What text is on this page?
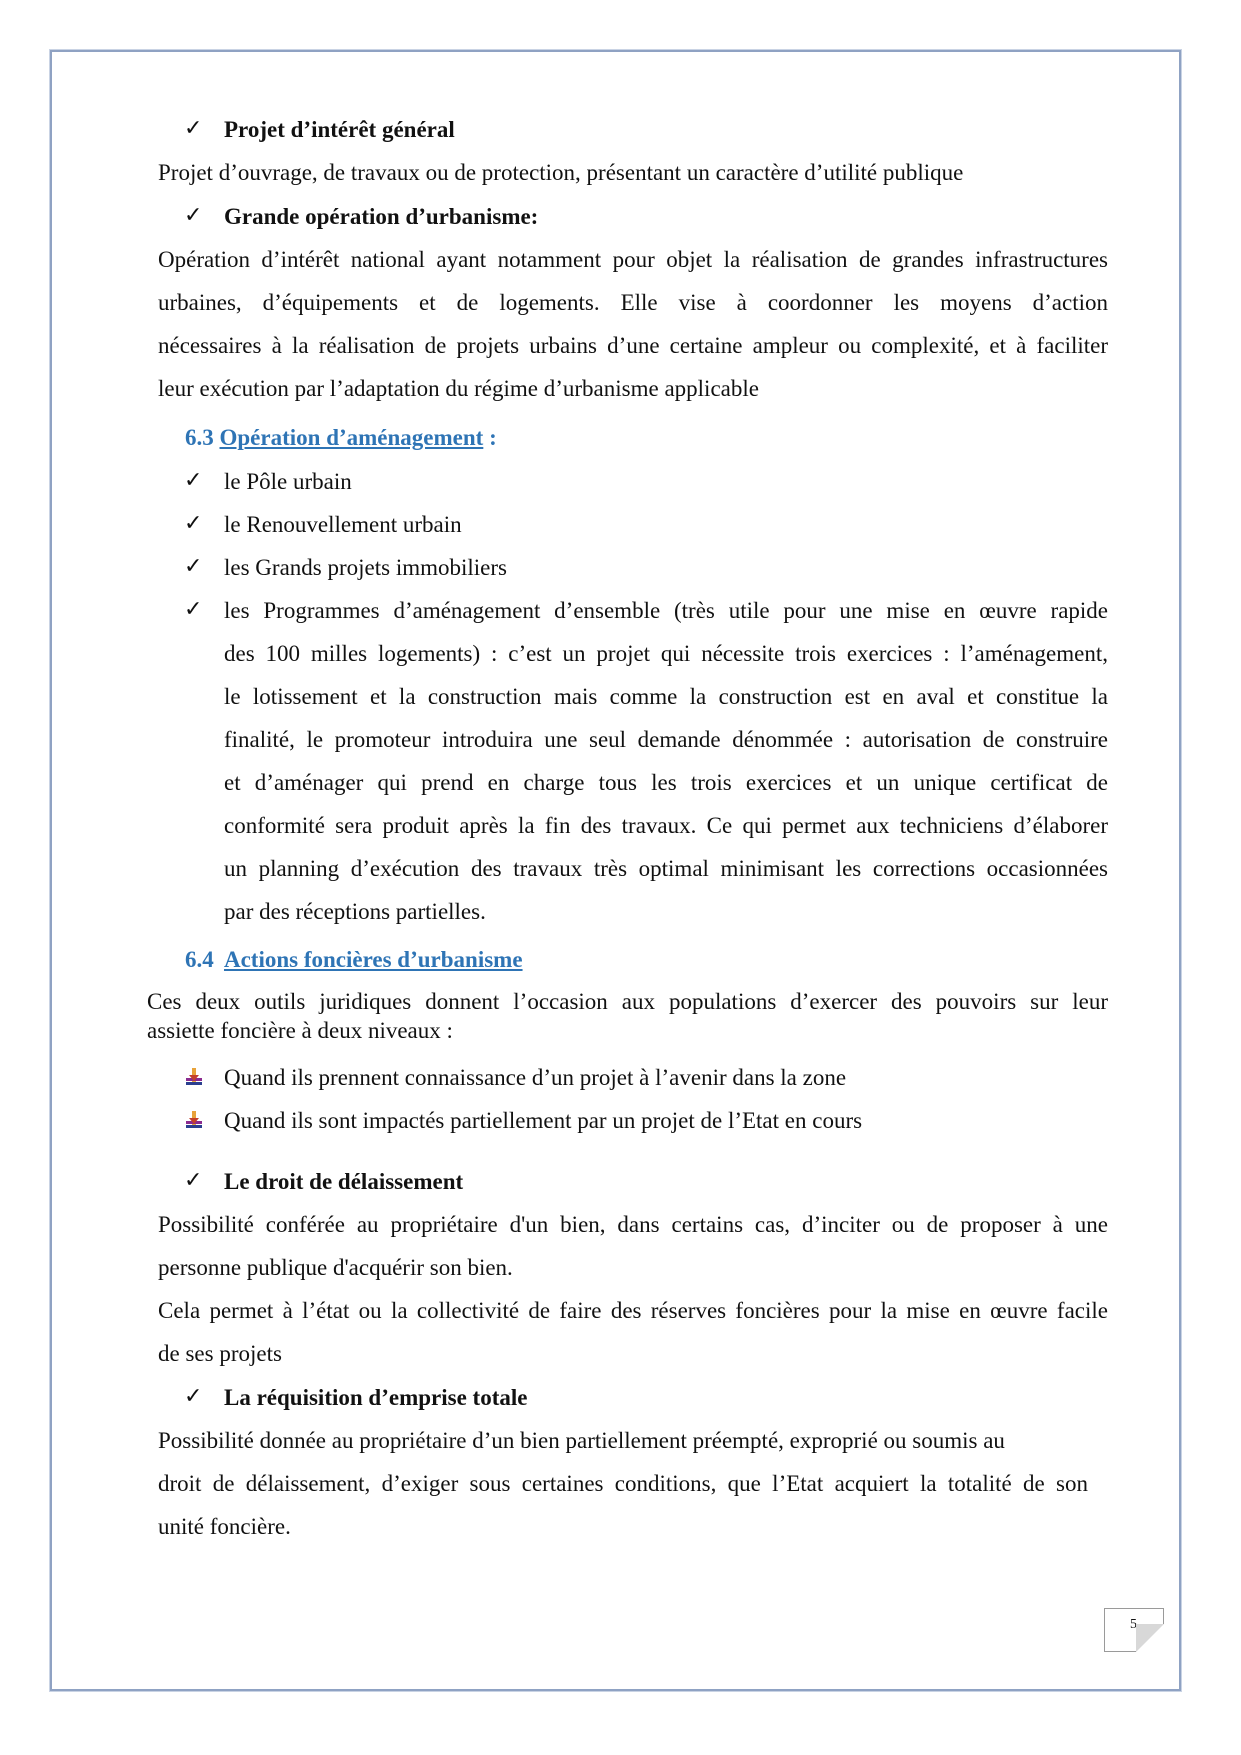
✓ Projet d’intérêt général
Projet d’ouvrage, de travaux ou de protection, présentant un caractère d’utilité publique
✓ Grande opération d’urbanisme:
Opération d’intérêt national ayant notamment pour objet la réalisation de grandes infrastructures
urbaines, d’équipements et de logements. Elle vise à coordonner les moyens d’action
nécessaires à la réalisation de projets urbains d’une certaine ampleur ou complexité, et à faciliter
leur exécution par l’adaptation du régime d’urbanisme applicable
6.3 Opération d’aménagement :
✓ le Pôle urbain
✓ le Renouvellement urbain
✓ les Grands projets immobiliers
✓ les Programmes d’aménagement d’ensemble (très utile pour une mise en œuvre rapide
des 100 milles logements) : c’est un projet qui nécessite trois exercices : l’aménagement,
le lotissement et la construction mais comme la construction est en aval et constitue la
finalité, le promoteur introduira une seul demande dénommée : autorisation de construire
et d’aménager qui prend en charge tous les trois exercices et un unique certificat de
conformité sera produit après la fin des travaux. Ce qui permet aux techniciens d’élaborer
un planning d’exécution des travaux très optimal minimisant les corrections occasionnées
par des réceptions partielles.
6.4 Actions foncières d’urbanisme
Ces deux outils juridiques donnent l’occasion aux populations d’exercer des pouvoirs sur leur
assiette foncière à deux niveaux :
Quand ils prennent connaissance d’un projet à l’avenir dans la zone
Quand ils sont impactés partiellement par un projet de l’Etat en cours
✓ Le droit de délaissement
Possibilité conférée au propriétaire d'un bien, dans certains cas, d’inciter ou de proposer à une
personne publique d'acquérir son bien.
Cela permet à l’état ou la collectivité de faire des réserves foncières pour la mise en œuvre facile
de ses projets
✓ La réquisition d’emprise totale
Possibilité donnée au propriétaire d’un bien partiellement préempté, exproprié ou soumis au
droit de délaissement, d’exiger sous certaines conditions, que l’Etat acquiert la totalité de son
unité foncière.
5
